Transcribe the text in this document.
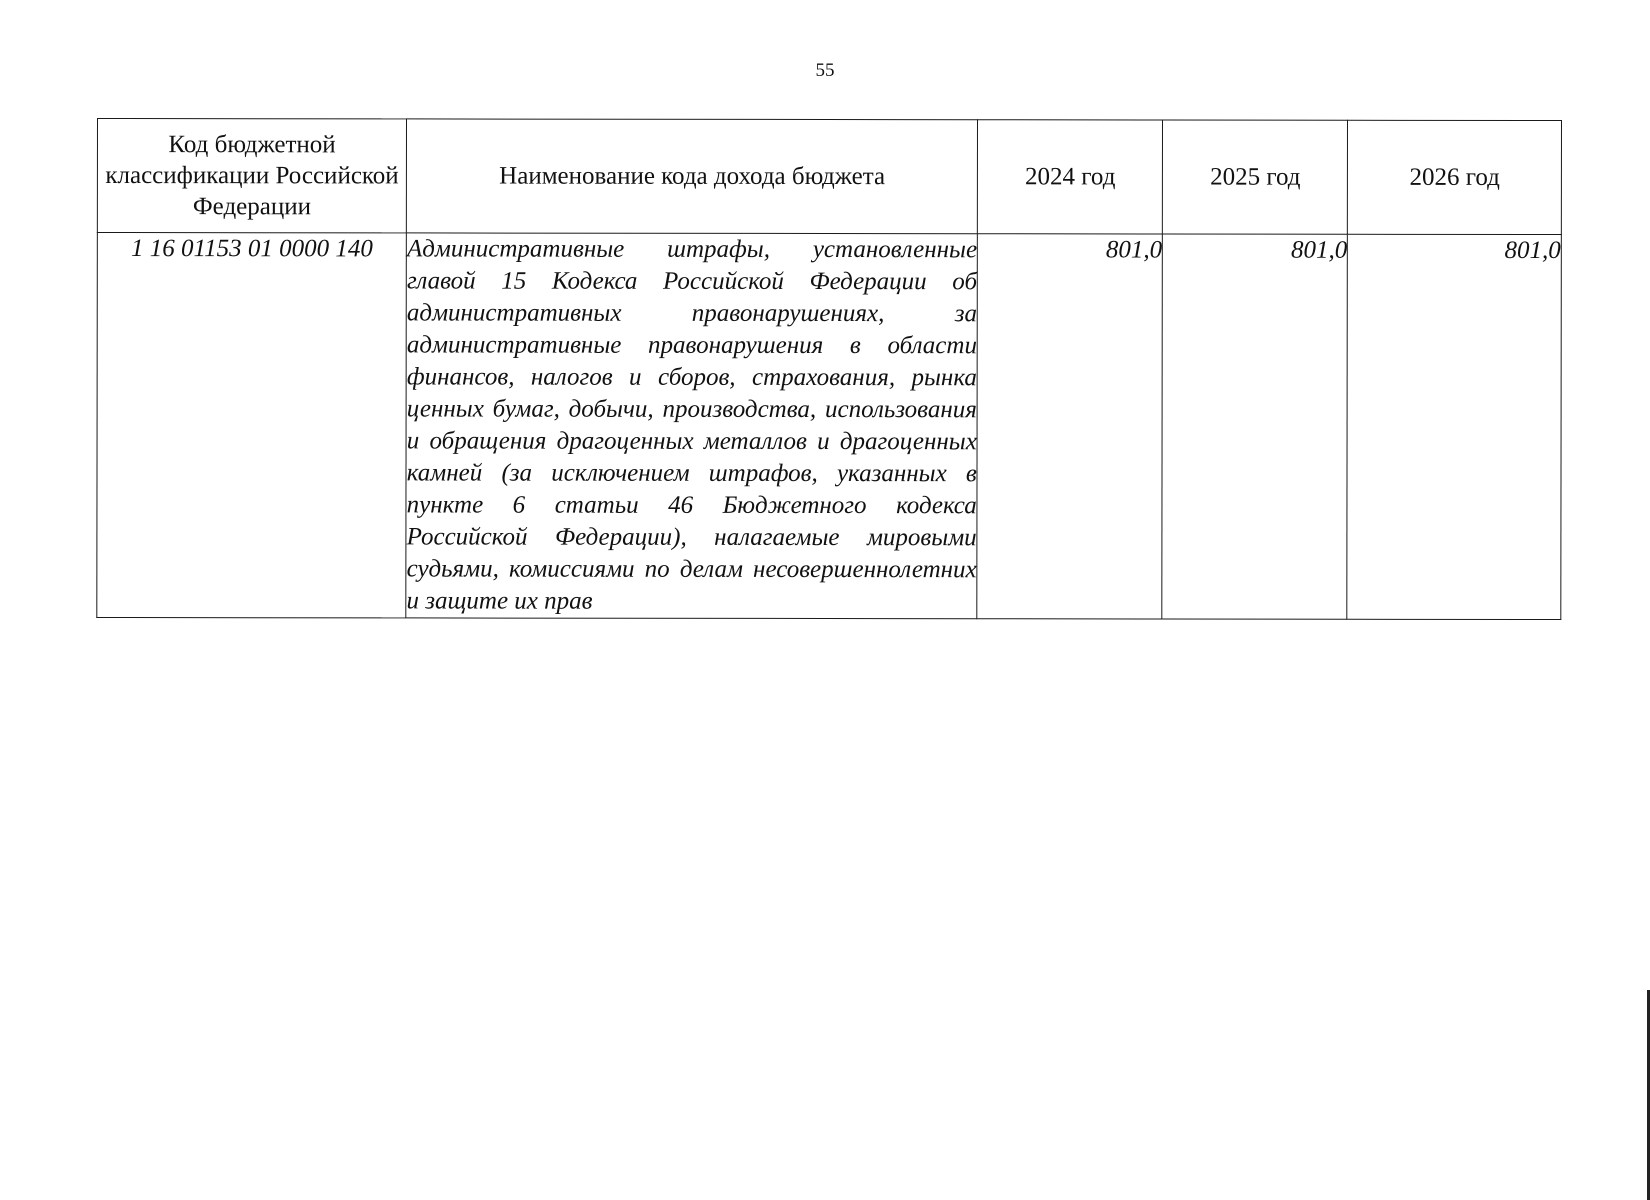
55
Код бюджетной классификации Российской Федерации	Наименование кода дохода бюджета	2024 год	2025 год	2026 год
1 16 01153 01 0000 140	Административные штрафы, установленные главой 15 Кодекса Российской Федерации об административных правонарушениях, за административные правонарушения в области финансов, налогов и сборов, страхования, рынка ценных бумаг, добычи, производства, использования и обращения драгоценных металлов и драгоценных камней (за исключением штрафов, указанных в пункте 6 статьи 46 Бюджетного кодекса Российской Федерации), налагаемые мировыми судьями, комиссиями по делам несовершеннолетних и защите их прав	801,0	801,0	801,0
